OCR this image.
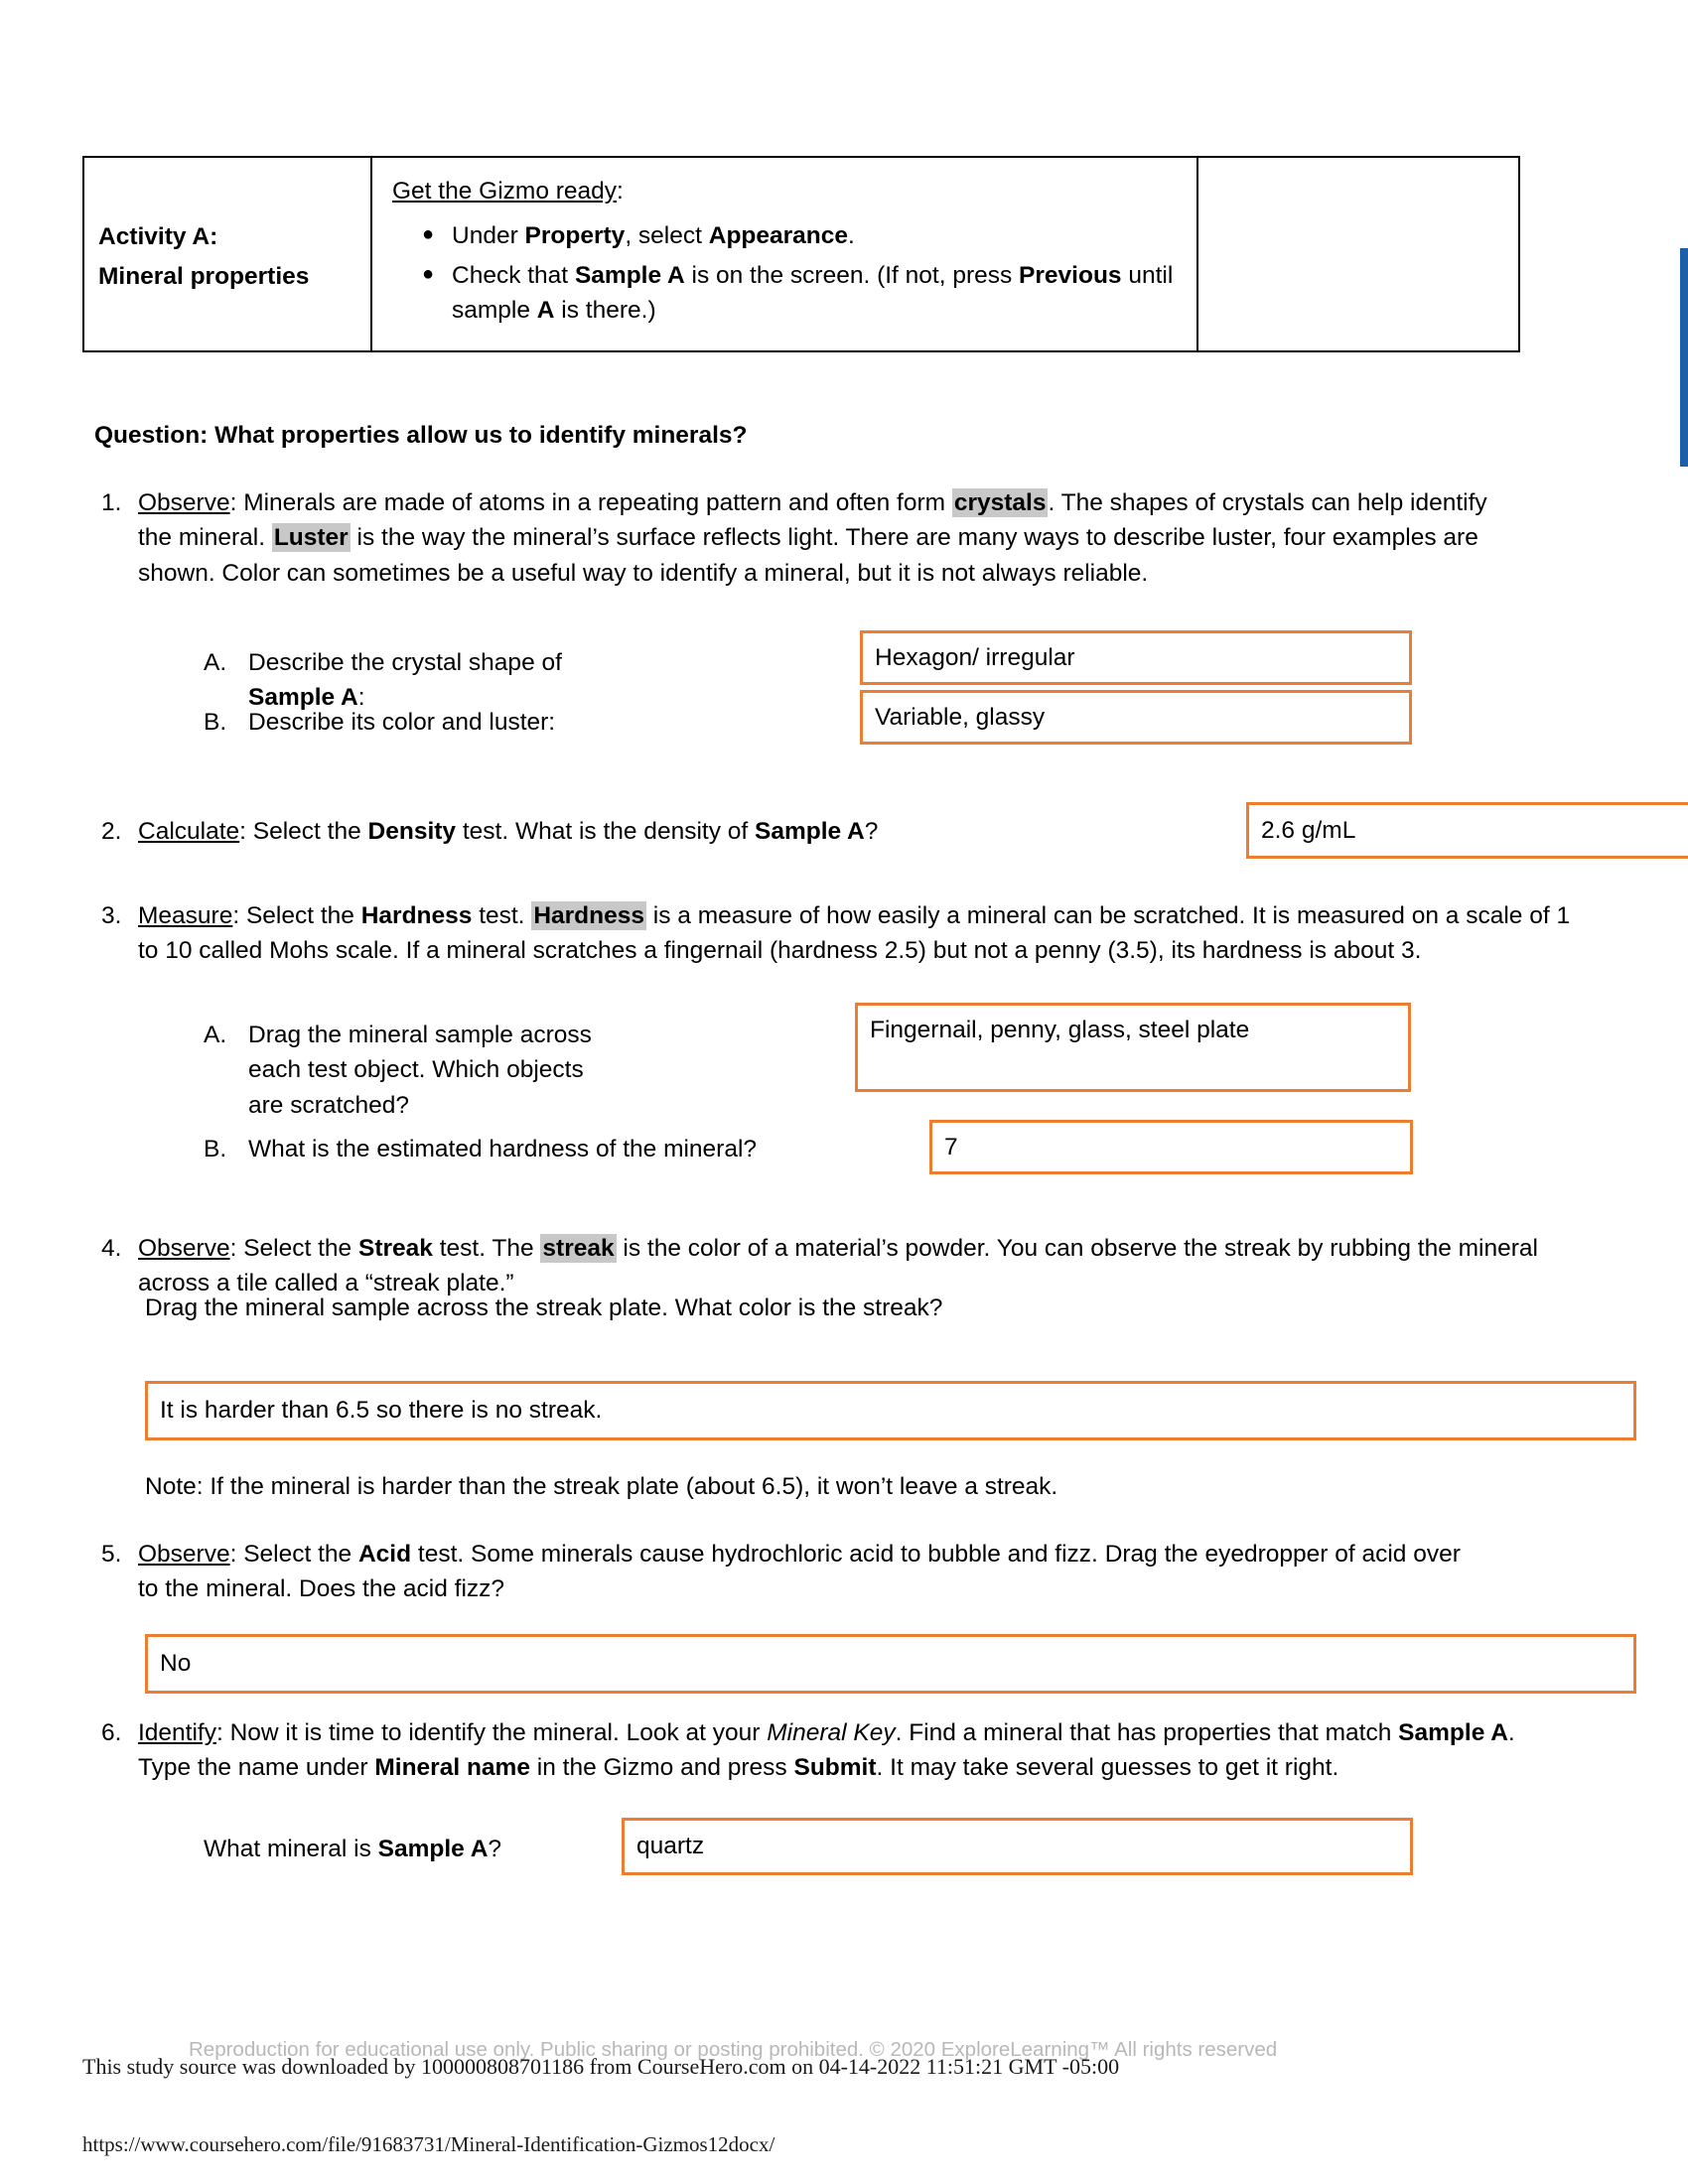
Activity A:
Mineral properties
Get the Gizmo ready:
● Under Property, select Appearance.
● Check that Sample A is on the screen. (If not, press Previous until sample A is there.)
Question: What properties allow us to identify minerals?
1. Observe: Minerals are made of atoms in a repeating pattern and often form crystals. The shapes of crystals can help identify the mineral. Luster is the way the mineral’s surface reflects light. There are many ways to describe luster, four examples are shown. Color can sometimes be a useful way to identify a mineral, but it is not always reliable.
A. Describe the crystal shape of Sample A:
Hexagon/ irregular
B. Describe its color and luster:	Variable, glassy
2. Calculate: Select the Density test. What is the density of Sample A?	2.6 g/mL
3. Measure: Select the Hardness test. Hardness is a measure of how easily a mineral can be scratched. It is measured on a scale of 1 to 10 called Mohs scale. If a mineral scratches a fingernail (hardness 2.5) but not a penny (3.5), its hardness is about 3.
A. Drag the mineral sample across each test object. Which objects are scratched?
Fingernail, penny, glass, steel plate
B. What is the estimated hardness of the mineral?	7
4. Observe: Select the Streak test. The streak is the color of a material’s powder. You can observe the streak by rubbing the mineral across a tile called a “streak plate.”
Drag the mineral sample across the streak plate. What color is the streak?
It is harder than 6.5 so there is no streak.
Note: If the mineral is harder than the streak plate (about 6.5), it won’t leave a streak.
5. Observe: Select the Acid test. Some minerals cause hydrochloric acid to bubble and fizz. Drag the eyedropper of acid over to the mineral. Does the acid fizz?
No
6. Identify: Now it is time to identify the mineral. Look at your Mineral Key. Find a mineral that has properties that match Sample A. Type the name under Mineral name in the Gizmo and press Submit. It may take several guesses to get it right.
What mineral is Sample A?	quartz
Reproduction for educational use only. Public sharing or posting prohibited. © 2020 ExploreLearning™ All rights reserved
This study source was downloaded by 100000808701186 from CourseHero.com on 04-14-2022 11:51:21 GMT -05:00
https://www.coursehero.com/file/91683731/Mineral-Identification-Gizmos12docx/
